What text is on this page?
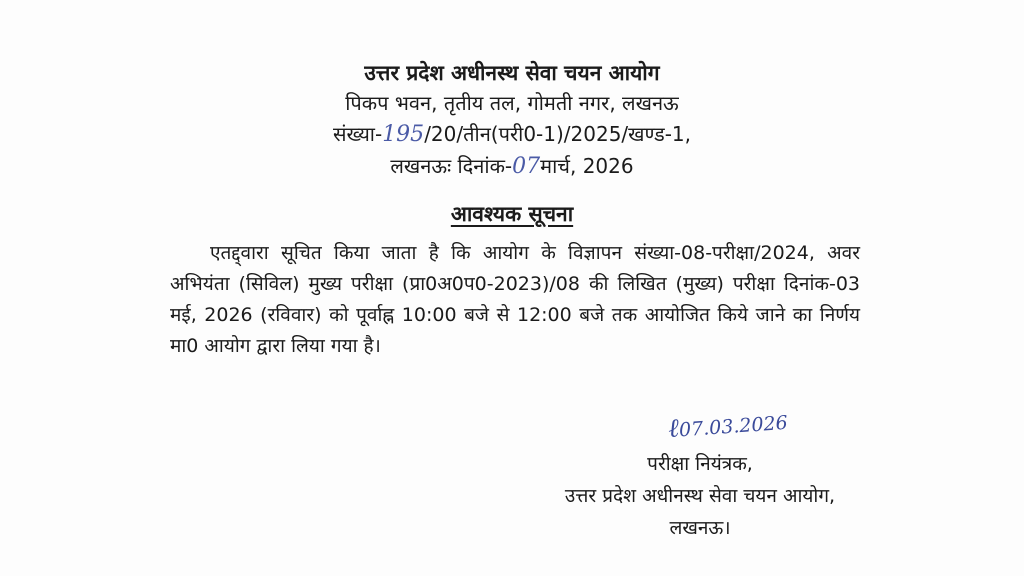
उत्तर प्रदेश अधीनस्थ सेवा चयन आयोग
पिकप भवन, तृतीय तल, गोमती नगर, लखनऊ
संख्या-195/20/तीन(परी0-1)/2025/खण्ड-1,
लखनऊः दिनांक-07मार्च, 2026
आवश्यक सूचना
एतद्द्वारा सूचित किया जाता है कि आयोग के विज्ञापन संख्या-08-परीक्षा/2024, अवर अभियंता (सिविल) मुख्य परीक्षा (प्रा0अ0प0-2023)/08 की लिखित (मुख्य) परीक्षा दिनांक-03 मई, 2026 (रविवार) को पूर्वाह्न 10:00 बजे से 12:00 बजे तक आयोजित किये जाने का निर्णय मा0 आयोग द्वारा लिया गया है।
ℓ07.03.2026
परीक्षा नियंत्रक,
उत्तर प्रदेश अधीनस्थ सेवा चयन आयोग,
लखनऊ।
